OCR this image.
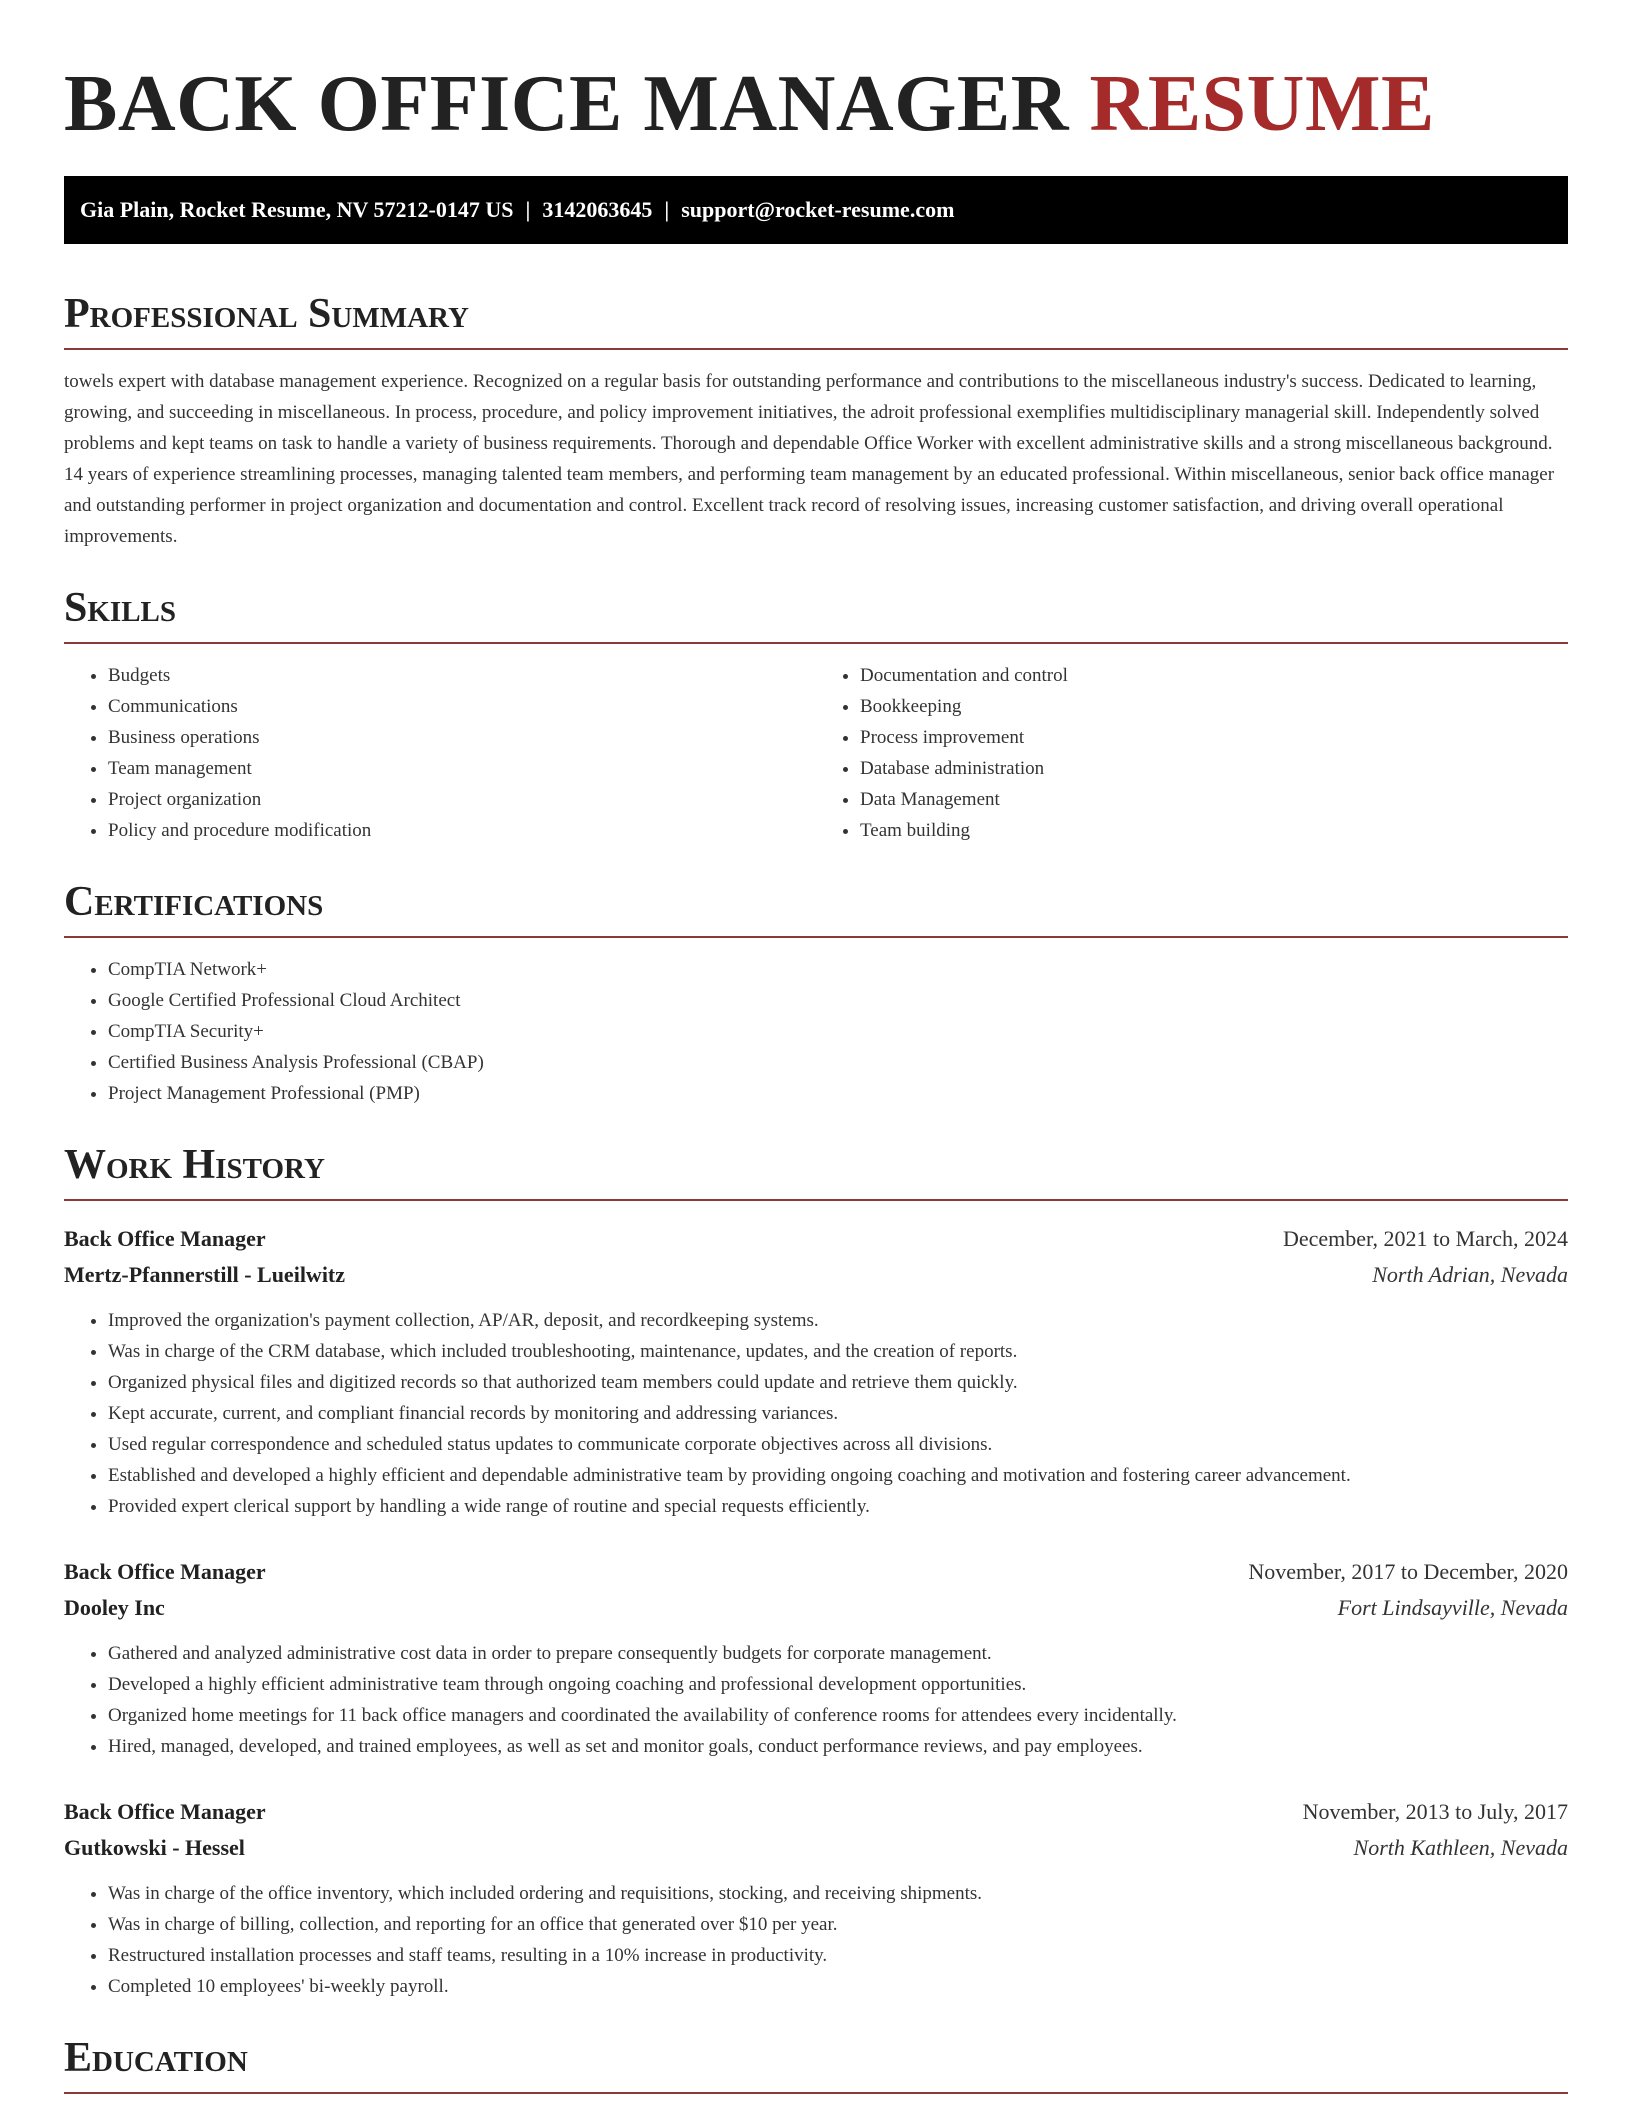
BACK OFFICE MANAGER RESUME
Gia Plain, Rocket Resume, NV 57212-0147 US | 3142063645 | support@rocket-resume.com
Professional Summary

towels expert with database management experience. Recognized on a regular basis for outstanding performance and contributions to the miscellaneous industry's success. Dedicated to learning, growing, and succeeding in miscellaneous. In process, procedure, and policy improvement initiatives, the adroit professional exemplifies multidisciplinary managerial skill. Independently solved problems and kept teams on task to handle a variety of business requirements. Thorough and dependable Office Worker with excellent administrative skills and a strong miscellaneous background. 14 years of experience streamlining processes, managing talented team members, and performing team management by an educated professional. Within miscellaneous, senior back office manager and outstanding performer in project organization and documentation and control. Excellent track record of resolving issues, increasing customer satisfaction, and driving overall operational improvements.

Skills
• Budgets
• Communications
• Business operations
• Team management
• Project organization
• Policy and procedure modification
• Documentation and control
• Bookkeeping
• Process improvement
• Database administration
• Data Management
• Team building
Certifications
• CompTIA Network+
• Google Certified Professional Cloud Architect
• CompTIA Security+
• Certified Business Analysis Professional (CBAP)
• Project Management Professional (PMP)
Work History
Back Office Manager	December, 2021 to March, 2024
Mertz-Pfannerstill - Lueilwitz	North Adrian, Nevada
• Improved the organization's payment collection, AP/AR, deposit, and recordkeeping systems.
• Was in charge of the CRM database, which included troubleshooting, maintenance, updates, and the creation of reports.
• Organized physical files and digitized records so that authorized team members could update and retrieve them quickly.
• Kept accurate, current, and compliant financial records by monitoring and addressing variances.
• Used regular correspondence and scheduled status updates to communicate corporate objectives across all divisions.
• Established and developed a highly efficient and dependable administrative team by providing ongoing coaching and motivation and fostering career advancement.
• Provided expert clerical support by handling a wide range of routine and special requests efficiently.
Back Office Manager	November, 2017 to December, 2020
Dooley Inc	Fort Lindsayville, Nevada
• Gathered and analyzed administrative cost data in order to prepare consequently budgets for corporate management.
• Developed a highly efficient administrative team through ongoing coaching and professional development opportunities.
• Organized home meetings for 11 back office managers and coordinated the availability of conference rooms for attendees every incidentally.
• Hired, managed, developed, and trained employees, as well as set and monitor goals, conduct performance reviews, and pay employees.
Back Office Manager	November, 2013 to July, 2017
Gutkowski - Hessel	North Kathleen, Nevada
• Was in charge of the office inventory, which included ordering and requisitions, stocking, and receiving shipments.
• Was in charge of billing, collection, and reporting for an office that generated over $10 per year.
• Restructured installation processes and staff teams, resulting in a 10% increase in productivity.
• Completed 10 employees' bi-weekly payroll.
Education
